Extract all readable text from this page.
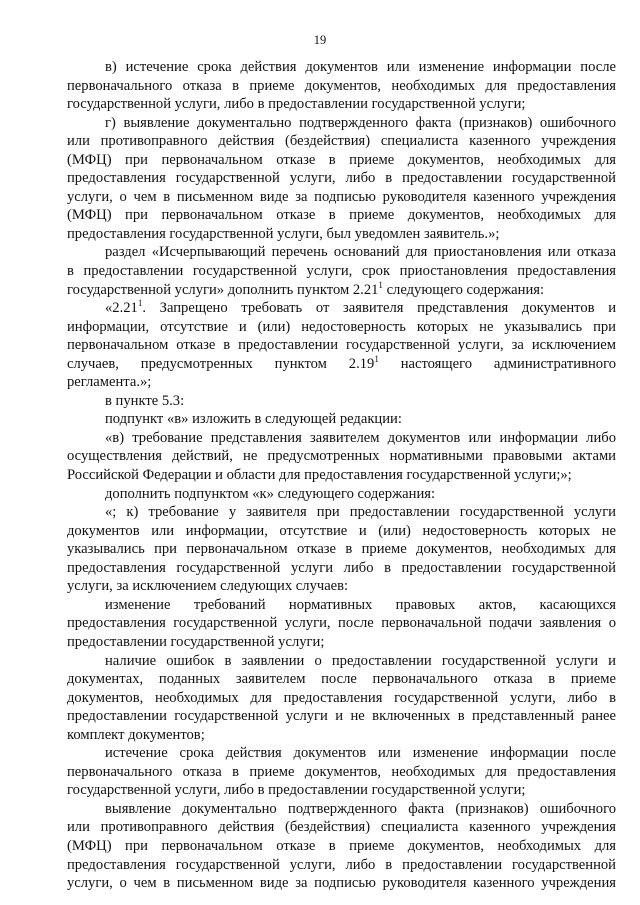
19
в) истечение срока действия документов или изменение информации после
первоначального отказа в приеме документов, необходимых для предоставления
государственной услуги, либо в предоставлении государственной услуги;
г) выявление документально подтвержденного факта (признаков) ошибочного
или противоправного действия (бездействия) специалиста казенного учреждения
(МФЦ) при первоначальном отказе в приеме документов, необходимых для
предоставления государственной услуги, либо в предоставлении государственной
услуги, о чем в письменном виде за подписью руководителя казенного учреждения
(МФЦ) при первоначальном отказе в приеме документов, необходимых для
предоставления государственной услуги, был уведомлен заявитель.»;
раздел «Исчерпывающий перечень оснований для приостановления или отказа
в предоставлении государственной услуги, срок приостановления предоставления
государственной услуги» дополнить пунктом 2.21$^1$ следующего содержания:
«2.21$^1$. Запрещено требовать от заявителя представления документов и
информации, отсутствие и (или) недостоверность которых не указывались при
первоначальном отказе в предоставлении государственной услуги, за исключением
случаев, предусмотренных пунктом 2.19$^1$ настоящего административного
регламента.»;
в пункте 5.3:
подпункт «в» изложить в следующей редакции:
«в) требование представления заявителем документов или информации либо
осуществления действий, не предусмотренных нормативными правовыми актами
Российской Федерации и области для предоставления государственной услуги;»;
дополнить подпунктом «к» следующего содержания:
«; к) требование у заявителя при предоставлении государственной услуги
документов или информации, отсутствие и (или) недостоверность которых не
указывались при первоначальном отказе в приеме документов, необходимых для
предоставления государственной услуги либо в предоставлении государственной
услуги, за исключением следующих случаев:
изменение требований нормативных правовых актов, касающихся
предоставления государственной услуги, после первоначальной подачи заявления о
предоставлении государственной услуги;
наличие ошибок в заявлении о предоставлении государственной услуги и
документах, поданных заявителем после первоначального отказа в приеме
документов, необходимых для предоставления государственной услуги, либо в
предоставлении государственной услуги и не включенных в представленный ранее
комплект документов;
истечение срока действия документов или изменение информации после
первоначального отказа в приеме документов, необходимых для предоставления
государственной услуги, либо в предоставлении государственной услуги;
выявление документально подтвержденного факта (признаков) ошибочного
или противоправного действия (бездействия) специалиста казенного учреждения
(МФЦ) при первоначальном отказе в приеме документов, необходимых для
предоставления государственной услуги, либо в предоставлении государственной
услуги, о чем в письменном виде за подписью руководителя казенного учреждения
